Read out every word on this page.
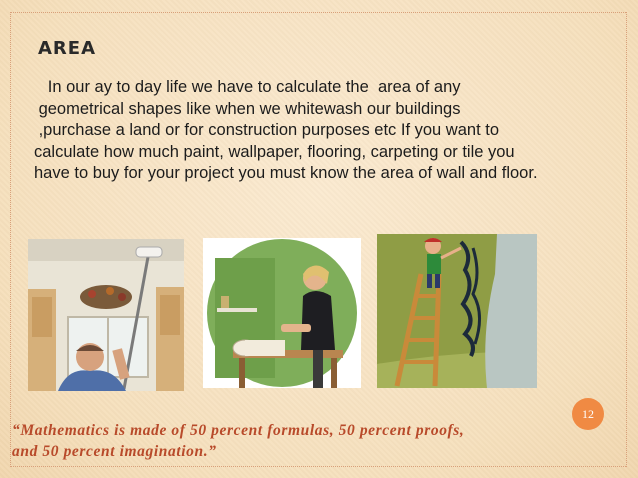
AREA
In our ay to day life we have to calculate the  area of any
geometrical shapes like when we whitewash our buildings
,purchase a land or for construction purposes etc If you want to
calculate how much paint, wallpaper, flooring, carpeting or tile you
have to buy for your project you must know the area of wall and floor.
12
“Mathematics is made of 50 percent formulas, 50 percent proofs,
and 50 percent imagination.”
